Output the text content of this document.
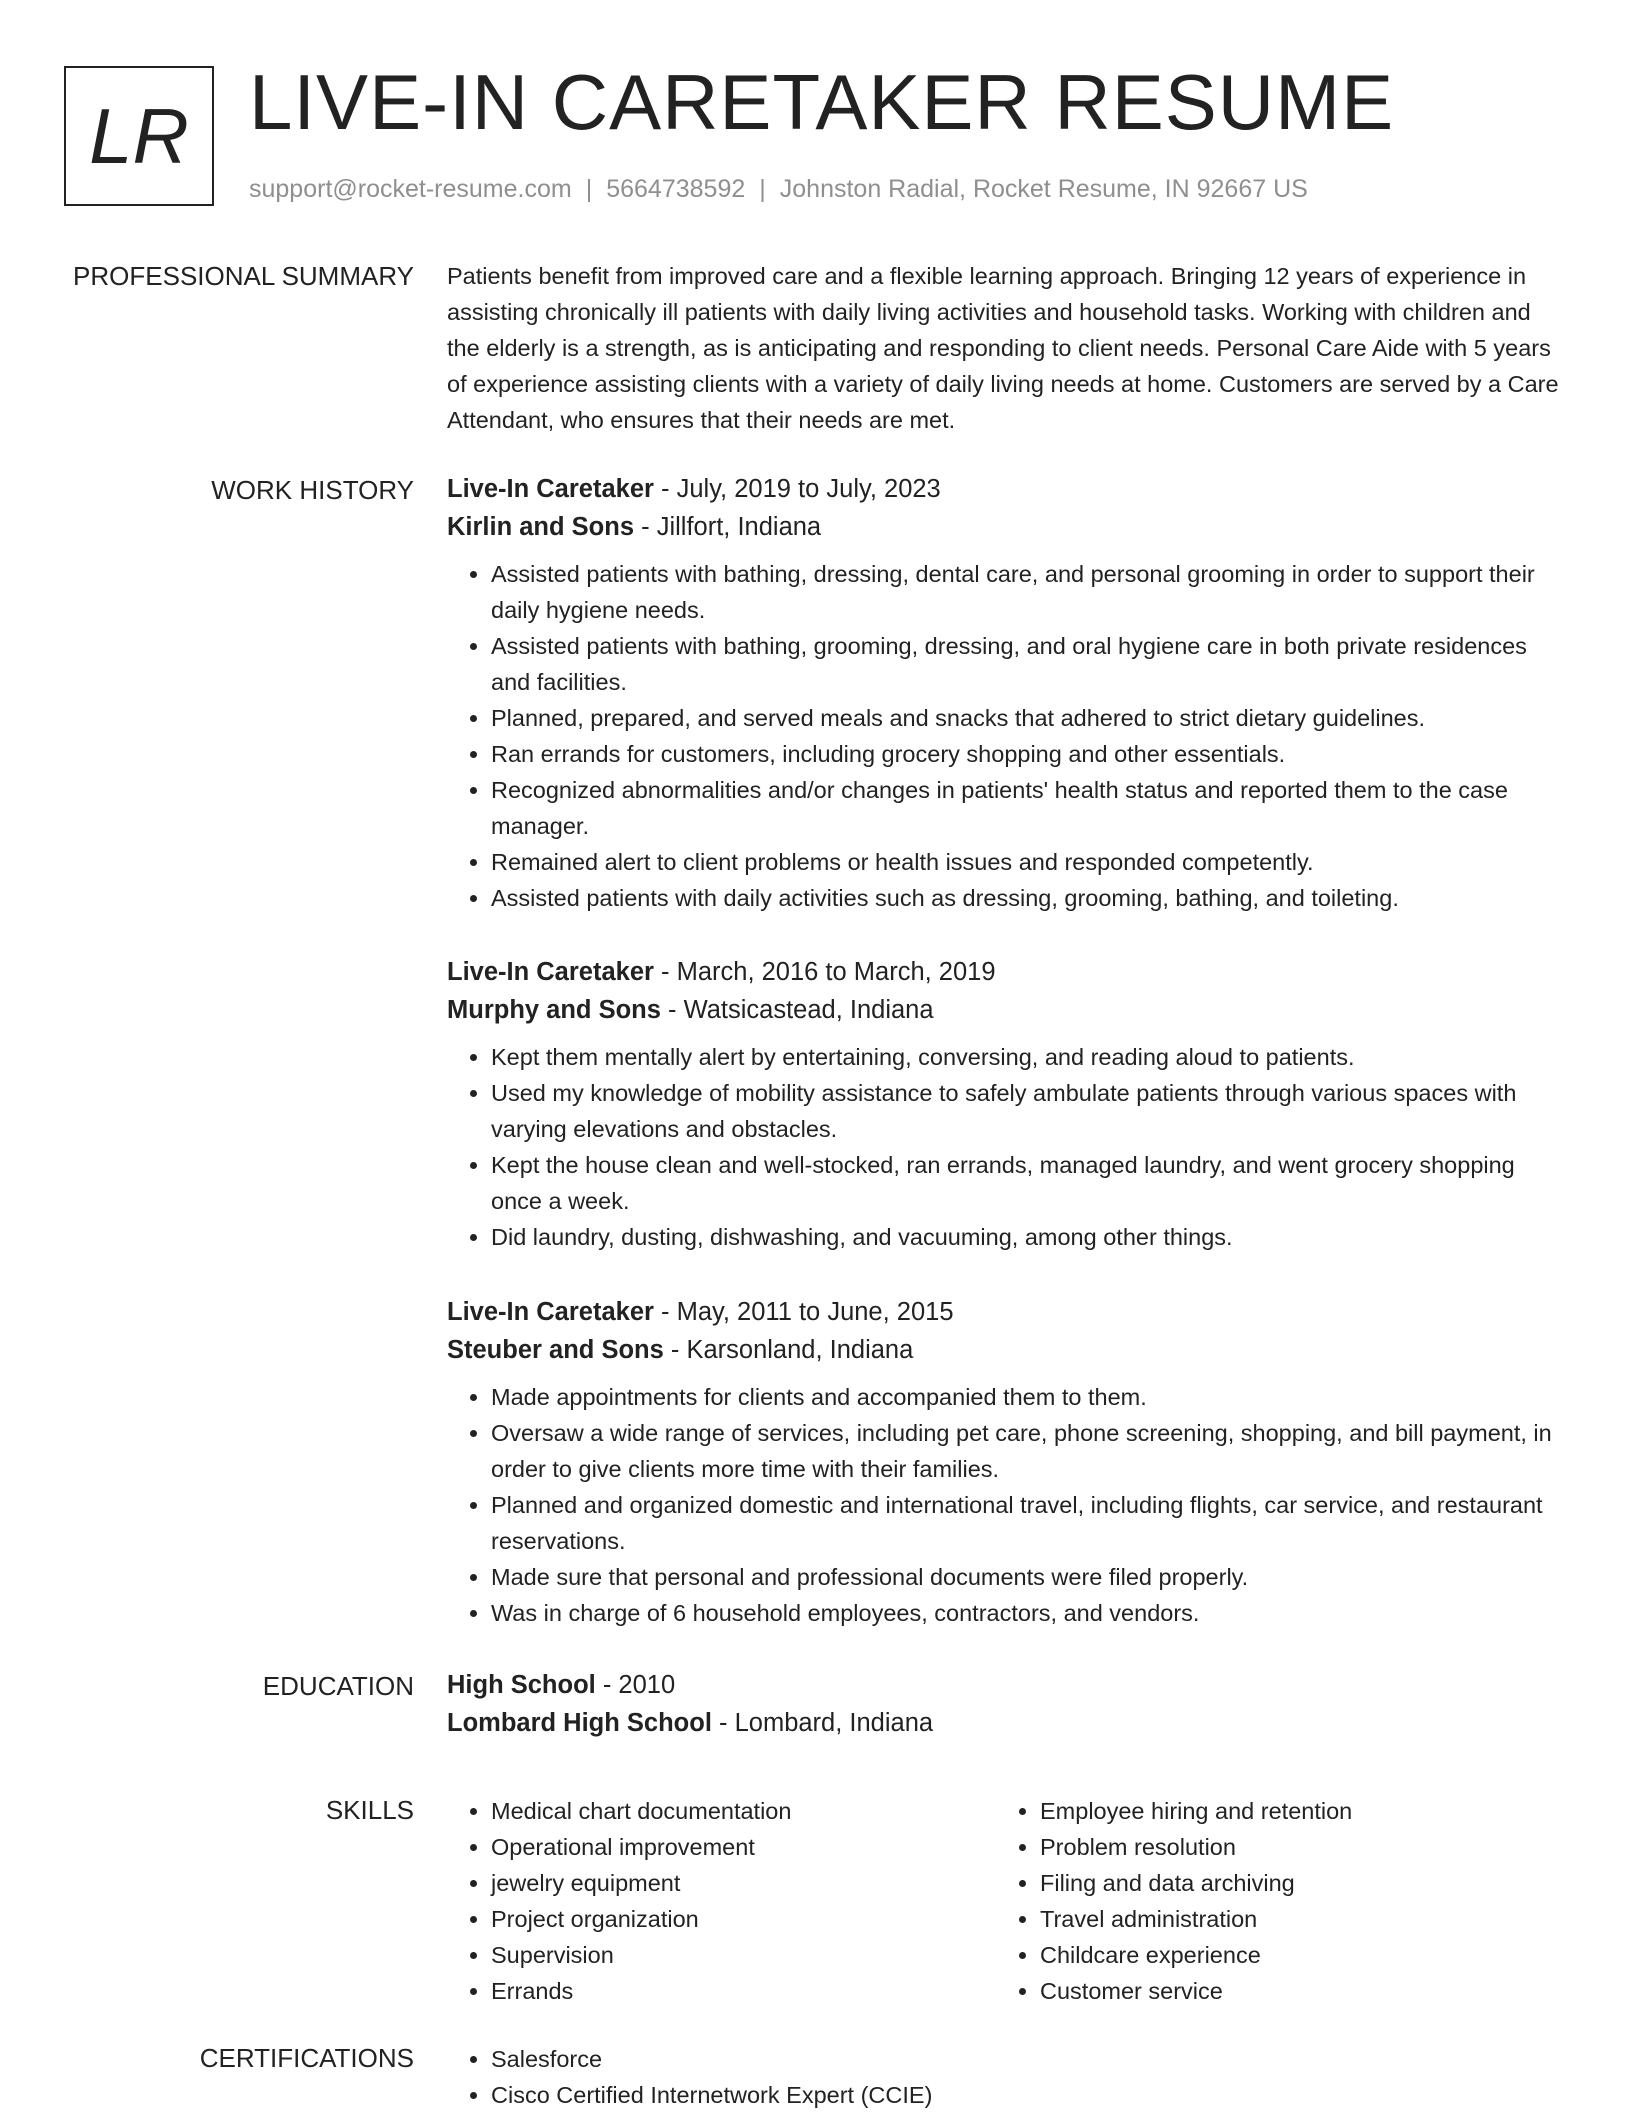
LR LIVE-IN CARETAKER RESUME
support@rocket-resume.com | 5664738592 | Johnston Radial, Rocket Resume, IN 92667 US
PROFESSIONAL SUMMARY Patients benefit from improved care and a flexible learning approach. Bringing 12 years of experience in assisting chronically ill patients with daily living activities and household tasks. Working with children and the elderly is a strength, as is anticipating and responding to client needs. Personal Care Aide with 5 years of experience assisting clients with a variety of daily living needs at home. Customers are served by a Care Attendant, who ensures that their needs are met.
WORK HISTORY Live-In Caretaker - July, 2019 to July, 2023
Kirlin and Sons - Jillfort, Indiana
• Assisted patients with bathing, dressing, dental care, and personal grooming in order to support their daily hygiene needs.
• Assisted patients with bathing, grooming, dressing, and oral hygiene care in both private residences and facilities.
• Planned, prepared, and served meals and snacks that adhered to strict dietary guidelines.
• Ran errands for customers, including grocery shopping and other essentials.
• Recognized abnormalities and/or changes in patients' health status and reported them to the case manager.
• Remained alert to client problems or health issues and responded competently.
• Assisted patients with daily activities such as dressing, grooming, bathing, and toileting.
Live-In Caretaker - March, 2016 to March, 2019
Murphy and Sons - Watsicastead, Indiana
• Kept them mentally alert by entertaining, conversing, and reading aloud to patients.
• Used my knowledge of mobility assistance to safely ambulate patients through various spaces with varying elevations and obstacles.
• Kept the house clean and well-stocked, ran errands, managed laundry, and went grocery shopping once a week.
• Did laundry, dusting, dishwashing, and vacuuming, among other things.
Live-In Caretaker - May, 2011 to June, 2015
Steuber and Sons - Karsonland, Indiana
• Made appointments for clients and accompanied them to them.
• Oversaw a wide range of services, including pet care, phone screening, shopping, and bill payment, in order to give clients more time with their families.
• Planned and organized domestic and international travel, including flights, car service, and restaurant reservations.
• Made sure that personal and professional documents were filed properly.
• Was in charge of 6 household employees, contractors, and vendors.
EDUCATION High School - 2010
Lombard High School - Lombard, Indiana
SKILLS	• Medical chart documentation
• Operational improvement
• jewelry equipment
• Project organization
• Supervision
• Errands
• Employee hiring and retention
• Problem resolution
• Filing and data archiving
• Travel administration
• Childcare experience
• Customer service
CERTIFICATIONS	• Salesforce
• Cisco Certified Internetwork Expert (CCIE)
